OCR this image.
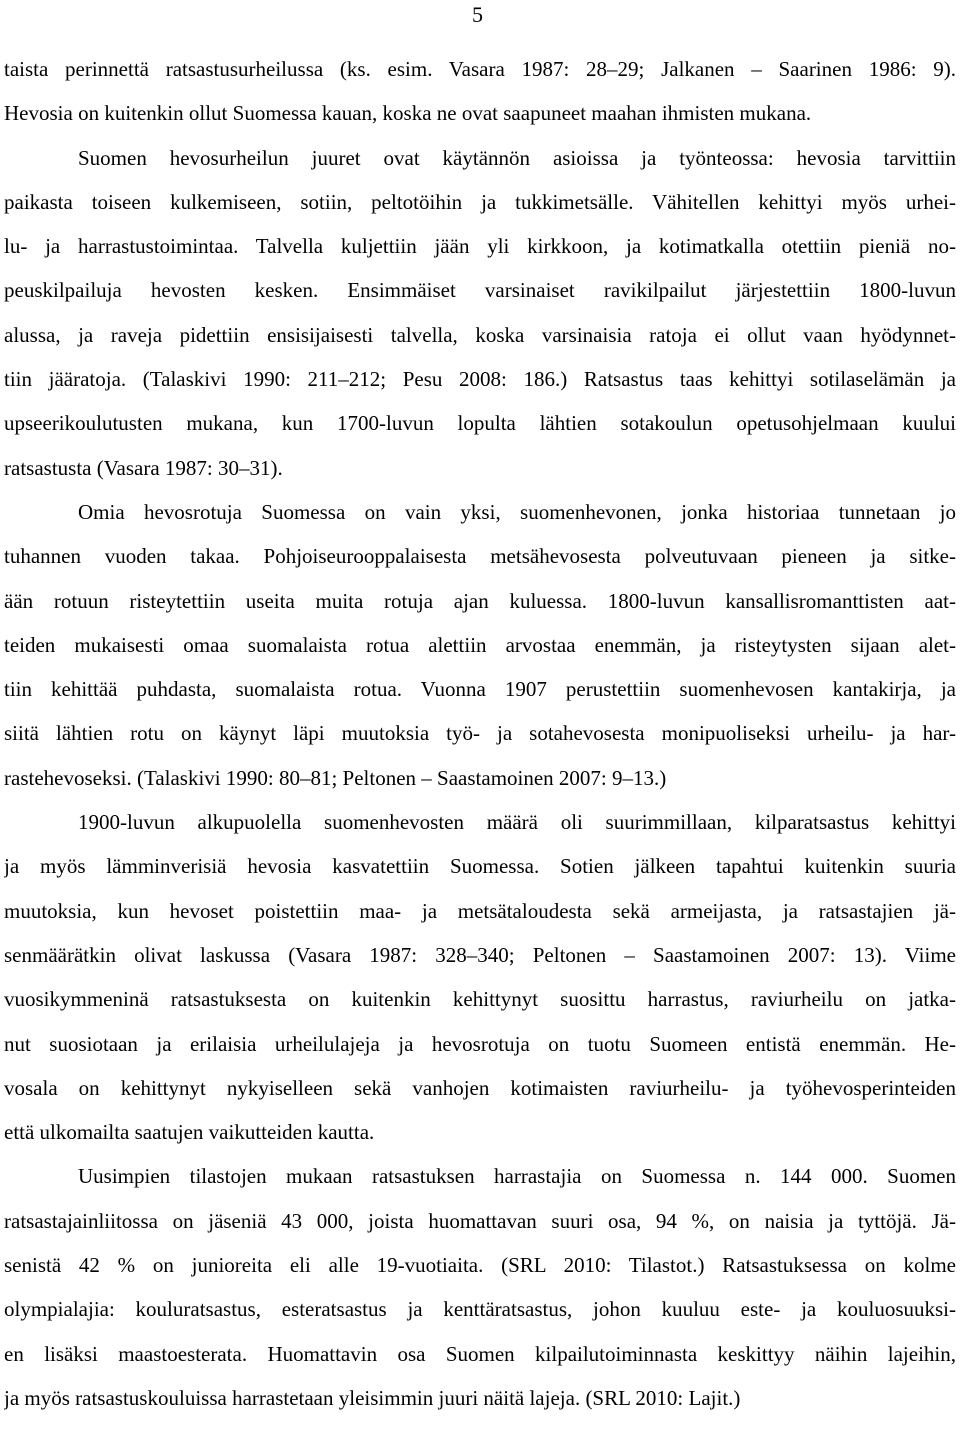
5
taista perinnettä ratsastusurheilussa (ks. esim. Vasara 1987: 28–29; Jalkanen – Saarinen 1986: 9).
Hevosia on kuitenkin ollut Suomessa kauan, koska ne ovat saapuneet maahan ihmisten mukana.
Suomen hevosurheilun juuret ovat käytännön asioissa ja työnteossa: hevosia tarvittiin
paikasta toiseen kulkemiseen, sotiin, peltotöihin ja tukkimetsälle. Vähitellen kehittyi myös urhei-
lu- ja harrastustoimintaa. Talvella kuljettiin jään yli kirkkoon, ja kotimatkalla otettiin pieniä no-
peuskilpailuja hevosten kesken. Ensimmäiset varsinaiset ravikilpailut järjestettiin 1800-luvun
alussa, ja raveja pidettiin ensisijaisesti talvella, koska varsinaisia ratoja ei ollut vaan hyödynnet-
tiin jääratoja. (Talaskivi 1990: 211–212; Pesu 2008: 186.) Ratsastus taas kehittyi sotilaselämän ja
upseerikoulutusten mukana, kun 1700-luvun lopulta lähtien sotakoulun opetusohjelmaan kuului
ratsastusta (Vasara 1987: 30–31).
Omia hevosrotuja Suomessa on vain yksi, suomenhevonen, jonka historiaa tunnetaan jo
tuhannen vuoden takaa. Pohjoiseurooppalaisesta metsähevosesta polveutuvaan pieneen ja sitke-
ään rotuun risteytettiin useita muita rotuja ajan kuluessa. 1800-luvun kansallisromanttisten aat-
teiden mukaisesti omaa suomalaista rotua alettiin arvostaa enemmän, ja risteytysten sijaan alet-
tiin kehittää puhdasta, suomalaista rotua. Vuonna 1907 perustettiin suomenhevosen kantakirja, ja
siitä lähtien rotu on käynyt läpi muutoksia työ- ja sotahevosesta monipuoliseksi urheilu- ja har-
rastehevoseksi. (Talaskivi 1990: 80–81; Peltonen – Saastamoinen 2007: 9–13.)
1900-luvun alkupuolella suomenhevosten määrä oli suurimmillaan, kilparatsastus kehittyi
ja myös lämminverisiä hevosia kasvatettiin Suomessa. Sotien jälkeen tapahtui kuitenkin suuria
muutoksia, kun hevoset poistettiin maa- ja metsätaloudesta sekä armeijasta, ja ratsastajien jä-
senmäärätkin olivat laskussa (Vasara 1987: 328–340; Peltonen – Saastamoinen 2007: 13). Viime
vuosikymmeninä ratsastuksesta on kuitenkin kehittynyt suosittu harrastus, raviurheilu on jatka-
nut suosiotaan ja erilaisia urheilulajeja ja hevosrotuja on tuotu Suomeen entistä enemmän. He-
vosala on kehittynyt nykyiselleen sekä vanhojen kotimaisten raviurheilu- ja työhevosperinteiden
että ulkomailta saatujen vaikutteiden kautta.
Uusimpien tilastojen mukaan ratsastuksen harrastajia on Suomessa n. 144 000. Suomen
ratsastajainliitossa on jäseniä 43 000, joista huomattavan suuri osa, 94 %, on naisia ja tyttöjä. Jä-
senistä 42 % on junioreita eli alle 19-vuotiaita. (SRL 2010: Tilastot.) Ratsastuksessa on kolme
olympialajia: kouluratsastus, esteratsastus ja kenttäratsastus, johon kuuluu este- ja kouluosuuksi-
en lisäksi maastoesterata. Huomattavin osa Suomen kilpailutoiminnasta keskittyy näihin lajeihin,
ja myös ratsastuskouluissa harrastetaan yleisimmin juuri näitä lajeja. (SRL 2010: Lajit.)
